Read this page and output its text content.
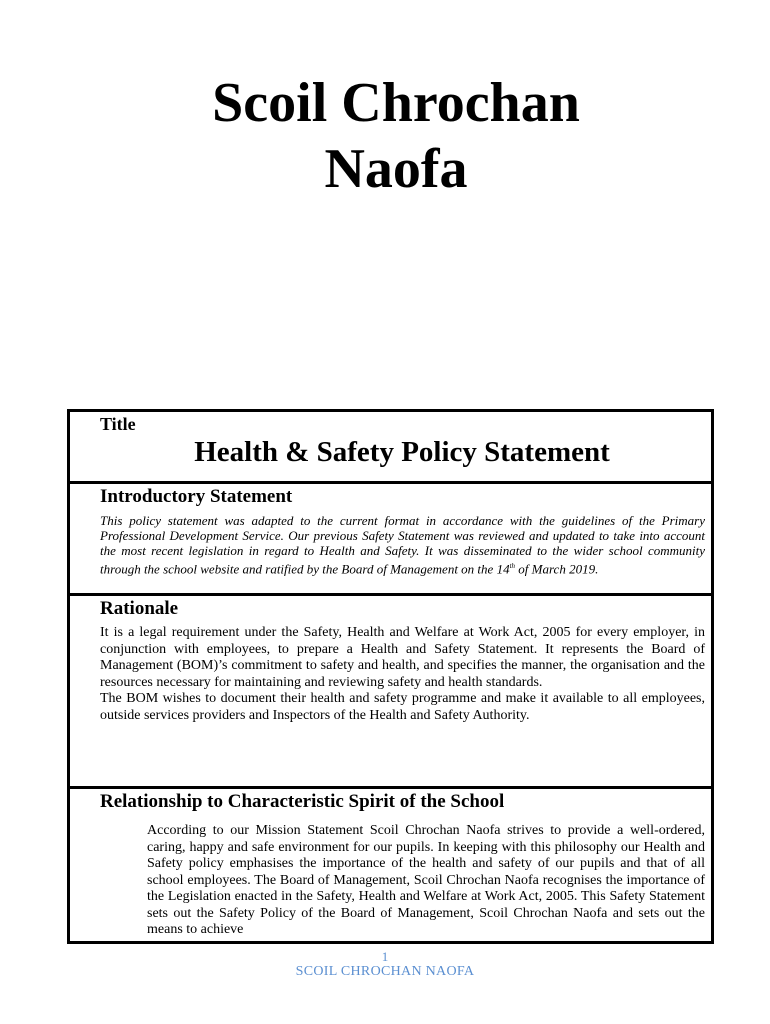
Scoil Chrochan
Naofa
Title
Health & Safety Policy Statement
Introductory Statement
This policy statement was adapted to the current format in accordance with the guidelines of the Primary Professional Development Service. Our previous Safety Statement was reviewed and updated to take into account the most recent legislation in regard to Health and Safety. It was disseminated to the wider school community through the school website and ratified by the Board of Management on the 14th of March 2019.
Rationale

It is a legal requirement under the Safety, Health and Welfare at Work Act, 2005 for every employer, in conjunction with employees, to prepare a Health and Safety Statement. It represents the Board of Management (BOM)’s commitment to safety and health, and specifies the manner, the organisation and the resources necessary for maintaining and reviewing safety and health standards.

The BOM wishes to document their health and safety programme and make it available to all employees, outside services providers and Inspectors of the Health and Safety Authority.

Relationship to Characteristic Spirit of the School
According to our Mission Statement Scoil Chrochan Naofa strives to provide a well-ordered, caring, happy and safe environment for our pupils. In keeping with this philosophy our Health and Safety policy emphasises the importance of the health and safety of our pupils and that of all school employees. The Board of Management, Scoil Chrochan Naofa recognises the importance of the Legislation enacted in the Safety, Health and Welfare at Work Act, 2005. This Safety Statement sets out the Safety Policy of the Board of Management, Scoil Chrochan Naofa and sets out the means to achieve
1
SCOIL CHROCHAN NAOFA
